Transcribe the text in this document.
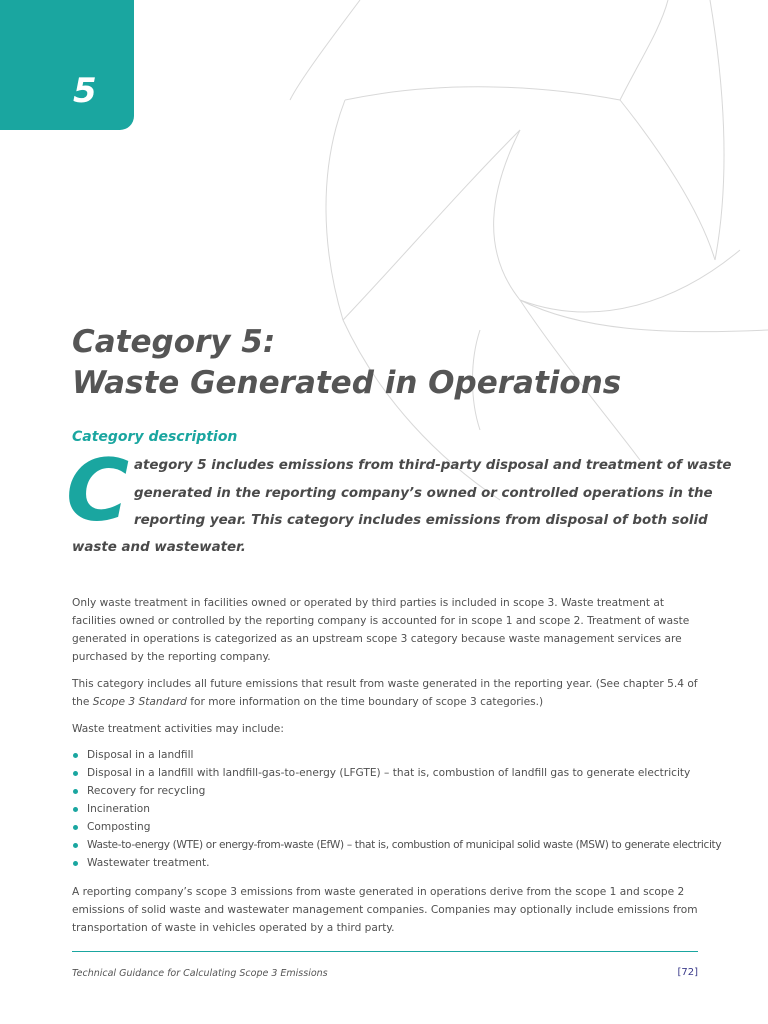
5
Category 5:
Waste Generated in Operations
Category description
C ategory 5 includes emissions from third-party disposal and treatment of waste
generated in the reporting company’s owned or controlled operations in the
reporting year. This category includes emissions from disposal of both solid
waste and wastewater.

Only waste treatment in facilities owned or operated by third parties is included in scope 3. Waste treatment at facilities owned or controlled by the reporting company is accounted for in scope 1 and scope 2. Treatment of waste generated in operations is categorized as an upstream scope 3 category because waste management services are purchased by the reporting company.

This category includes all future emissions that result from waste generated in the reporting year. (See chapter 5.4 of the Scope 3 Standard for more information on the time boundary of scope 3 categories.)

Waste treatment activities may include:

Disposal in a landfill
Disposal in a landfill with landfill-gas-to-energy (LFGTE) – that is, combustion of landfill gas to generate electricity
Recovery for recycling
Incineration
Composting
Waste-to-energy (WTE) or energy-from-waste (EfW) – that is, combustion of municipal solid waste (MSW) to generate electricity
Wastewater treatment.

A reporting company’s scope 3 emissions from waste generated in operations derive from the scope 1 and scope 2 emissions of solid waste and wastewater management companies. Companies may optionally include emissions from transportation of waste in vehicles operated by a third party.

Technical Guidance for Calculating Scope 3 Emissions	[72]
